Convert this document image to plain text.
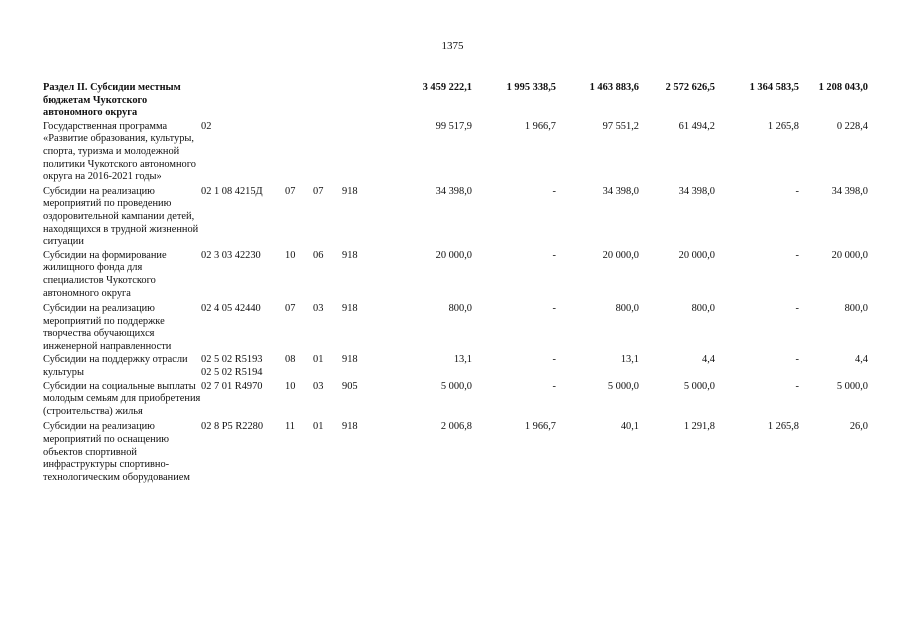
1375
Раздел II. Субсидии местным бюджетам Чукотского автономного округа					3 459 222,1	1 995 338,5	1 463 883,6	2 572 626,5	1 364 583,5	1 208 043,0
Государственная программа «Развитие образования, культуры, спорта, туризма и молодежной политики Чукотского автономного округа на 2016-2021 годы»	02				99 517,9	1 966,7	97 551,2	61 494,2	1 265,8	0 228,4
Субсидии на реализацию мероприятий по проведению оздоровительной кампании детей, находящихся в трудной жизненной ситуации	02 1 08 4215Д	07	07	918	34 398,0	-	34 398,0	34 398,0	-	34 398,0
Субсидии на формирование жилищного фонда для специалистов Чукотского автономного округа	02 3 03 42230	10	06	918	20 000,0	-	20 000,0	20 000,0	-	20 000,0
Субсидии на реализацию мероприятий по поддержке творчества обучающихся инженерной направленности	02 4 05 42440	07	03	918	800,0	-	800,0	800,0	-	800,0
Субсидии на поддержку отрасли культуры	02 5 02 R5193
02 5 02 R5194	08	01	918	13,1	-	13,1	4,4	-	4,4
Субсидии на социальные выплаты молодым семьям для приобретения (строительства) жилья	02 7 01 R4970	10	03	905	5 000,0	-	5 000,0	5 000,0	-	5 000,0
Субсидии на реализацию мероприятий по оснащению объектов спортивной инфраструктуры спортивно-технологическим оборудованием	02 8 P5 R2280	11	01	918	2 006,8	1 966,7	40,1	1 291,8	1 265,8	26,0
